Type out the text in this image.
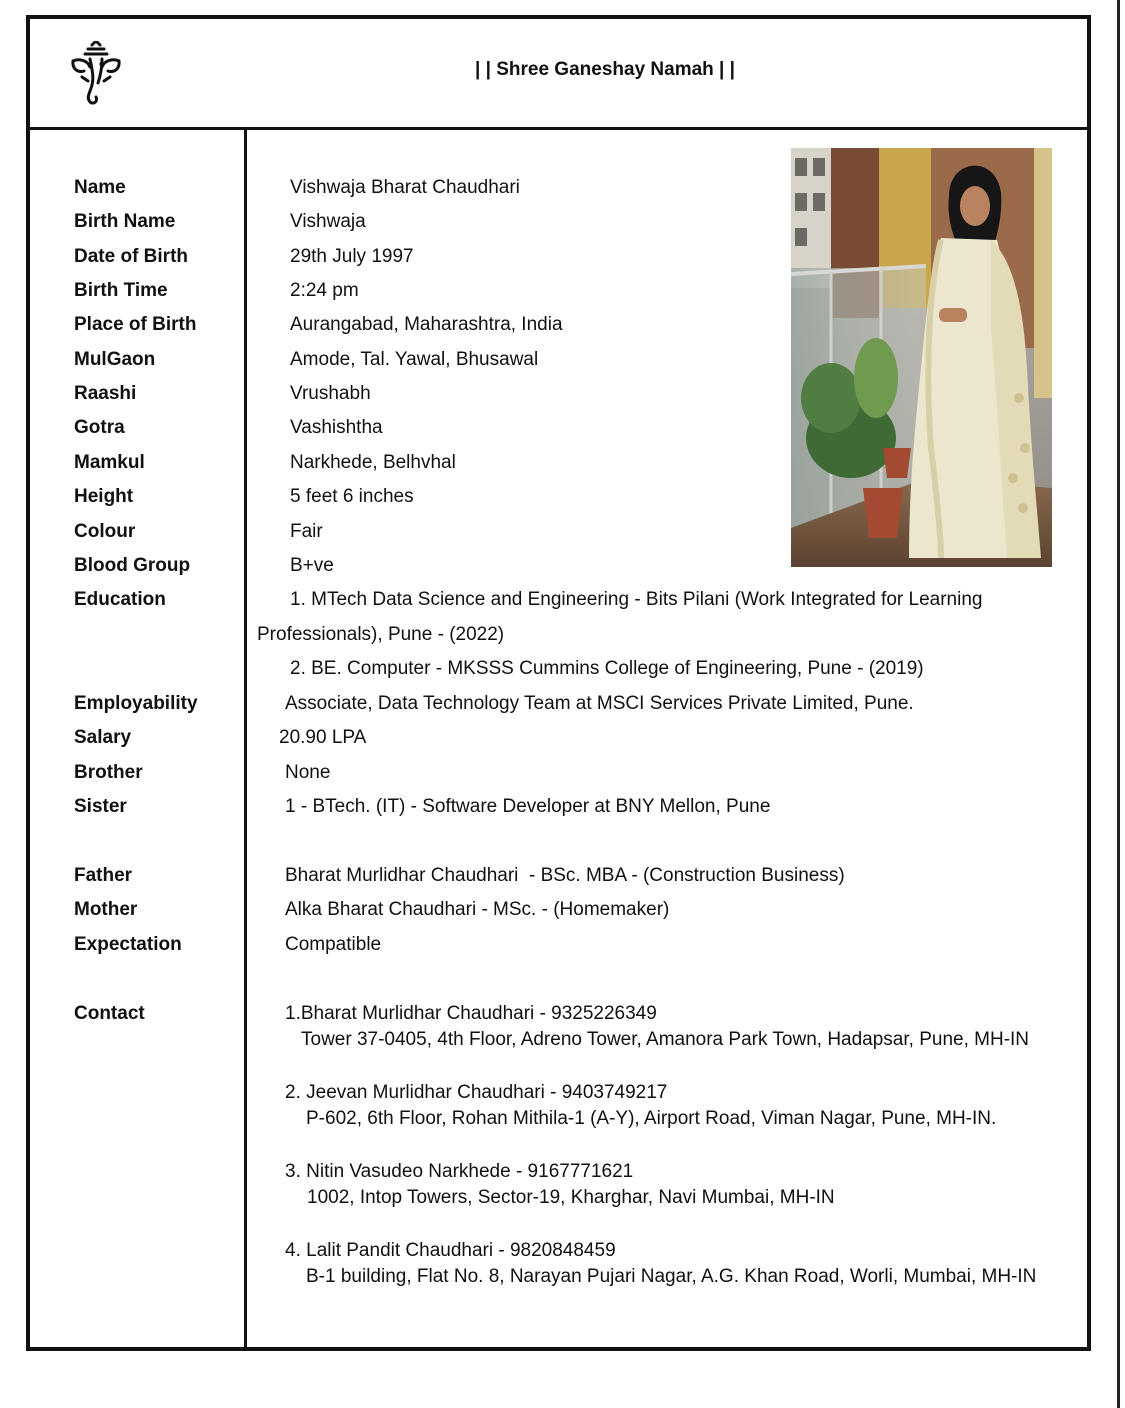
| | Shree Ganeshay Namah | |
Name	Vishwaja Bharat Chaudhari
Birth Name	Vishwaja
Date of Birth	29th July 1997
Birth Time	2:24 pm
Place of Birth	Aurangabad, Maharashtra, India
MulGaon	Amode, Tal. Yawal, Bhusawal
Raashi	Vrushabh
Gotra	Vashishtha
Mamkul	Narkhede, Belhvhal
Height	5 feet 6 inches
Colour	Fair
Blood Group	B+ve
Education	1. MTech Data Science and Engineering - Bits Pilani (Work Integrated for Learning
Professionals), Pune - (2022)
2. BE. Computer - MKSSS Cummins College of Engineering, Pune - (2019)
Employability	Associate, Data Technology Team at MSCI Services Private Limited, Pune.
Salary	20.90 LPA
Brother	None
Sister	1 - BTech. (IT) - Software Developer at BNY Mellon, Pune
Father	Bharat Murlidhar Chaudhari  - BSc. MBA - (Construction Business)
Mother	Alka Bharat Chaudhari - MSc. - (Homemaker)
Expectation	Compatible
Contact	1.Bharat Murlidhar Chaudhari - 9325226349
Tower 37-0405, 4th Floor, Adreno Tower, Amanora Park Town, Hadapsar, Pune, MH-IN
2. Jeevan Murlidhar Chaudhari - 9403749217
P-602, 6th Floor, Rohan Mithila-1 (A-Y), Airport Road, Viman Nagar, Pune, MH-IN.
3. Nitin Vasudeo Narkhede - 9167771621
1002, Intop Towers, Sector-19, Kharghar, Navi Mumbai, MH-IN
4. Lalit Pandit Chaudhari - 9820848459
B-1 building, Flat No. 8, Narayan Pujari Nagar, A.G. Khan Road, Worli, Mumbai, MH-IN
